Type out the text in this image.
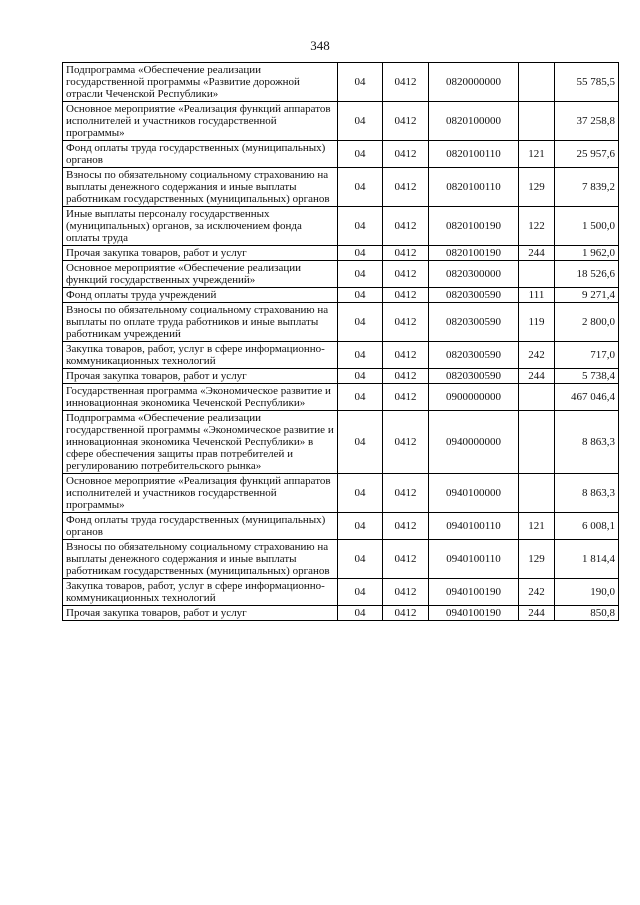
348
Подпрограмма «Обеспечение реализации государственной программы «Развитие дорожной отрасли Чеченской Республики»	04	0412	0820000000		55 785,5
Основное мероприятие «Реализация функций аппаратов исполнителей и участников государственной программы»	04	0412	0820100000		37 258,8
Фонд оплаты труда государственных (муниципальных) органов	04	0412	0820100110	121	25 957,6
Взносы по обязательному социальному страхованию на выплаты денежного содержания и иные выплаты работникам государственных (муниципальных) органов	04	0412	0820100110	129	7 839,2
Иные выплаты персоналу государственных (муниципальных) органов, за исключением фонда оплаты труда	04	0412	0820100190	122	1 500,0
Прочая закупка товаров, работ и услуг	04	0412	0820100190	244	1 962,0
Основное мероприятие «Обеспечение реализации функций государственных учреждений»	04	0412	0820300000		18 526,6
Фонд оплаты труда учреждений	04	0412	0820300590	111	9 271,4
Взносы по обязательному социальному страхованию на выплаты по оплате труда работников и иные выплаты работникам учреждений	04	0412	0820300590	119	2 800,0
Закупка товаров, работ, услуг в сфере информационно-коммуникационных технологий	04	0412	0820300590	242	717,0
Прочая закупка товаров, работ и услуг	04	0412	0820300590	244	5 738,4
Государственная программа «Экономическое развитие и инновационная экономика Чеченской Республики»	04	0412	0900000000		467 046,4
Подпрограмма «Обеспечение реализации государственной программы «Экономическое развитие и инновационная экономика Чеченской Республики» в сфере обеспечения защиты прав потребителей и регулированию потребительского рынка»	04	0412	0940000000		8 863,3
Основное мероприятие «Реализация функций аппаратов исполнителей и участников государственной программы»	04	0412	0940100000		8 863,3
Фонд оплаты труда государственных (муниципальных) органов	04	0412	0940100110	121	6 008,1
Взносы по обязательному социальному страхованию на выплаты денежного содержания и иные выплаты работникам государственных (муниципальных) органов	04	0412	0940100110	129	1 814,4
Закупка товаров, работ, услуг в сфере информационно-коммуникационных технологий	04	0412	0940100190	242	190,0
Прочая закупка товаров, работ и услуг	04	0412	0940100190	244	850,8
